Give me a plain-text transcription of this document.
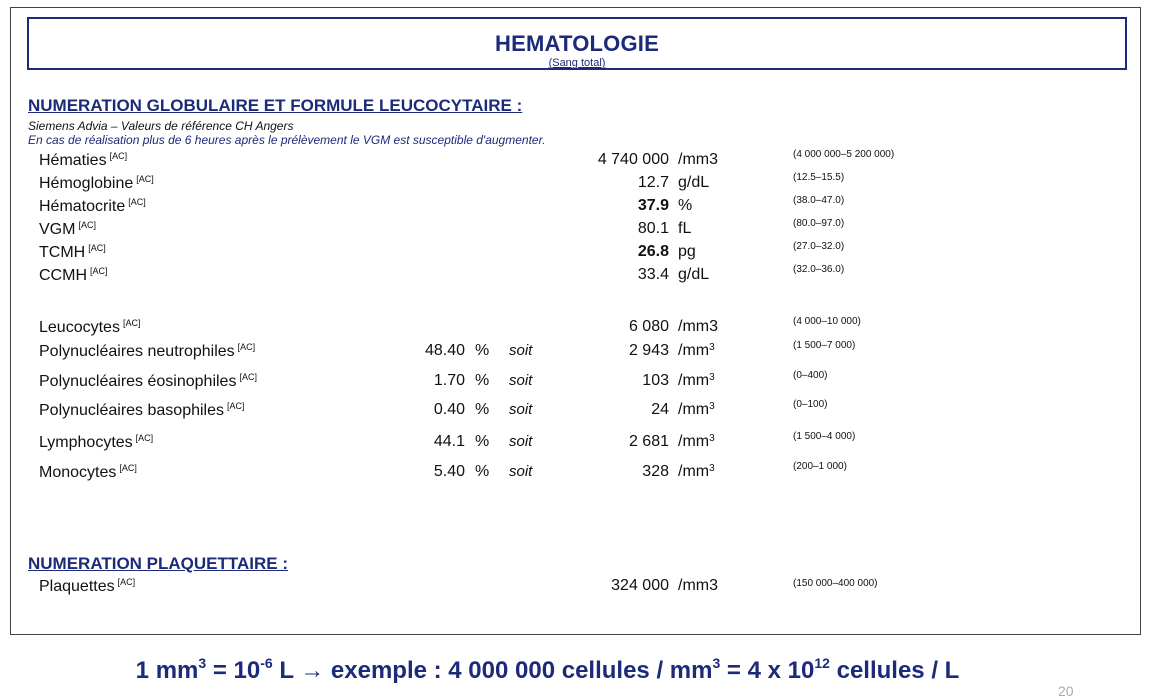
HEMATOLOGIE
(Sang total)
NUMERATION GLOBULAIRE ET FORMULE LEUCOCYTAIRE :
Siemens Advia – Valeurs de référence CH Angers
En cas de réalisation plus de 6 heures après le prélèvement le VGM est susceptible d'augmenter.
Hématies [AC]	4 740 000 /mm3	(4 000 000–5 200 000)
Hémoglobine [AC]	12.7 g/dL	(12.5–15.5)
Hématocrite [AC]	37.9 %	(38.0–47.0)
VGM [AC]	80.1 fL	(80.0–97.0)
TCMH [AC]	26.8 pg	(27.0–32.0)
CCMH [AC]	33.4 g/dL	(32.0–36.0)
Leucocytes [AC]	6 080 /mm3	(4 000–10 000)
Polynucléaires neutrophiles [AC]	48.40 % soit	2 943 $/mm^3$	(1 500–7 000)
Polynucléaires éosinophiles [AC]	1.70 % soit	103 $/mm^3$	(0–400)
Polynucléaires basophiles [AC]	0.40 % soit	24 $/mm^3$	(0–100)
Lymphocytes [AC]	44.1 % soit	2 681 $/mm^3$	(1 500–4 000)
Monocytes [AC]	5.40 % soit	328 $/mm^3$	(200–1 000)
NUMERATION PLAQUETTAIRE :
Plaquettes [AC]	324 000 /mm3	(150 000–400 000)
1 $mm^3 = 10^{-6}$ L → exemple : 4 000 000 cellules / $mm^3 = 4$ x $10^{12}$ cellules / L
20
